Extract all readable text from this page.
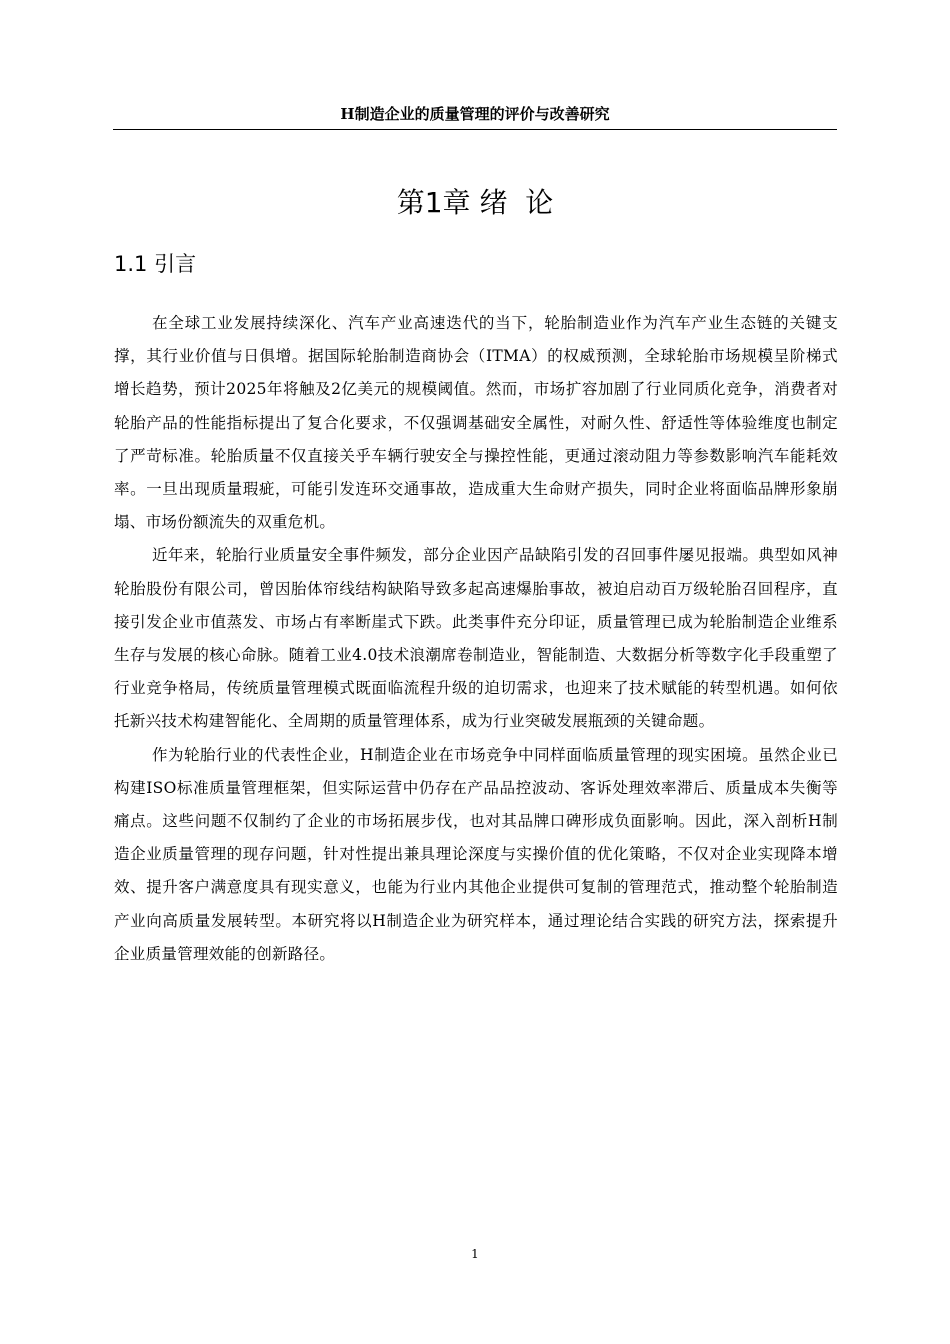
H制造企业的质量管理的评价与改善研究
第1章 绪  论
1.1 引言

在全球工业发展持续深化、汽车产业高速迭代的当下，轮胎制造业作为汽车产业生态链的关键支撑，其行业价值与日俱增。据国际轮胎制造商协会（ITMA）的权威预测，全球轮胎市场规模呈阶梯式增长趋势，预计2025年将触及2亿美元的规模阈值。然而，市场扩容加剧了行业同质化竞争，消费者对轮胎产品的性能指标提出了复合化要求，不仅强调基础安全属性，对耐久性、舒适性等体验维度也制定了严苛标准。轮胎质量不仅直接关乎车辆行驶安全与操控性能，更通过滚动阻力等参数影响汽车能耗效率。一旦出现质量瑕疵，可能引发连环交通事故，造成重大生命财产损失，同时企业将面临品牌形象崩塌、市场份额流失的双重危机。

近年来，轮胎行业质量安全事件频发，部分企业因产品缺陷引发的召回事件屡见报端。典型如风神轮胎股份有限公司，曾因胎体帘线结构缺陷导致多起高速爆胎事故，被迫启动百万级轮胎召回程序，直接引发企业市值蒸发、市场占有率断崖式下跌。此类事件充分印证，质量管理已成为轮胎制造企业维系生存与发展的核心命脉。随着工业4.0技术浪潮席卷制造业，智能制造、大数据分析等数字化手段重塑了行业竞争格局，传统质量管理模式既面临流程升级的迫切需求，也迎来了技术赋能的转型机遇。如何依托新兴技术构建智能化、全周期的质量管理体系，成为行业突破发展瓶颈的关键命题。

作为轮胎行业的代表性企业，H制造企业在市场竞争中同样面临质量管理的现实困境。虽然企业已构建ISO标准质量管理框架，但实际运营中仍存在产品品控波动、客诉处理效率滞后、质量成本失衡等痛点。这些问题不仅制约了企业的市场拓展步伐，也对其品牌口碑形成负面影响。因此，深入剖析H制造企业质量管理的现存问题，针对性提出兼具理论深度与实操价值的优化策略，不仅对企业实现降本增效、提升客户满意度具有现实意义，也能为行业内其他企业提供可复制的管理范式，推动整个轮胎制造产业向高质量发展转型。本研究将以H制造企业为研究样本，通过理论结合实践的研究方法，探索提升企业质量管理效能的创新路径。

1
